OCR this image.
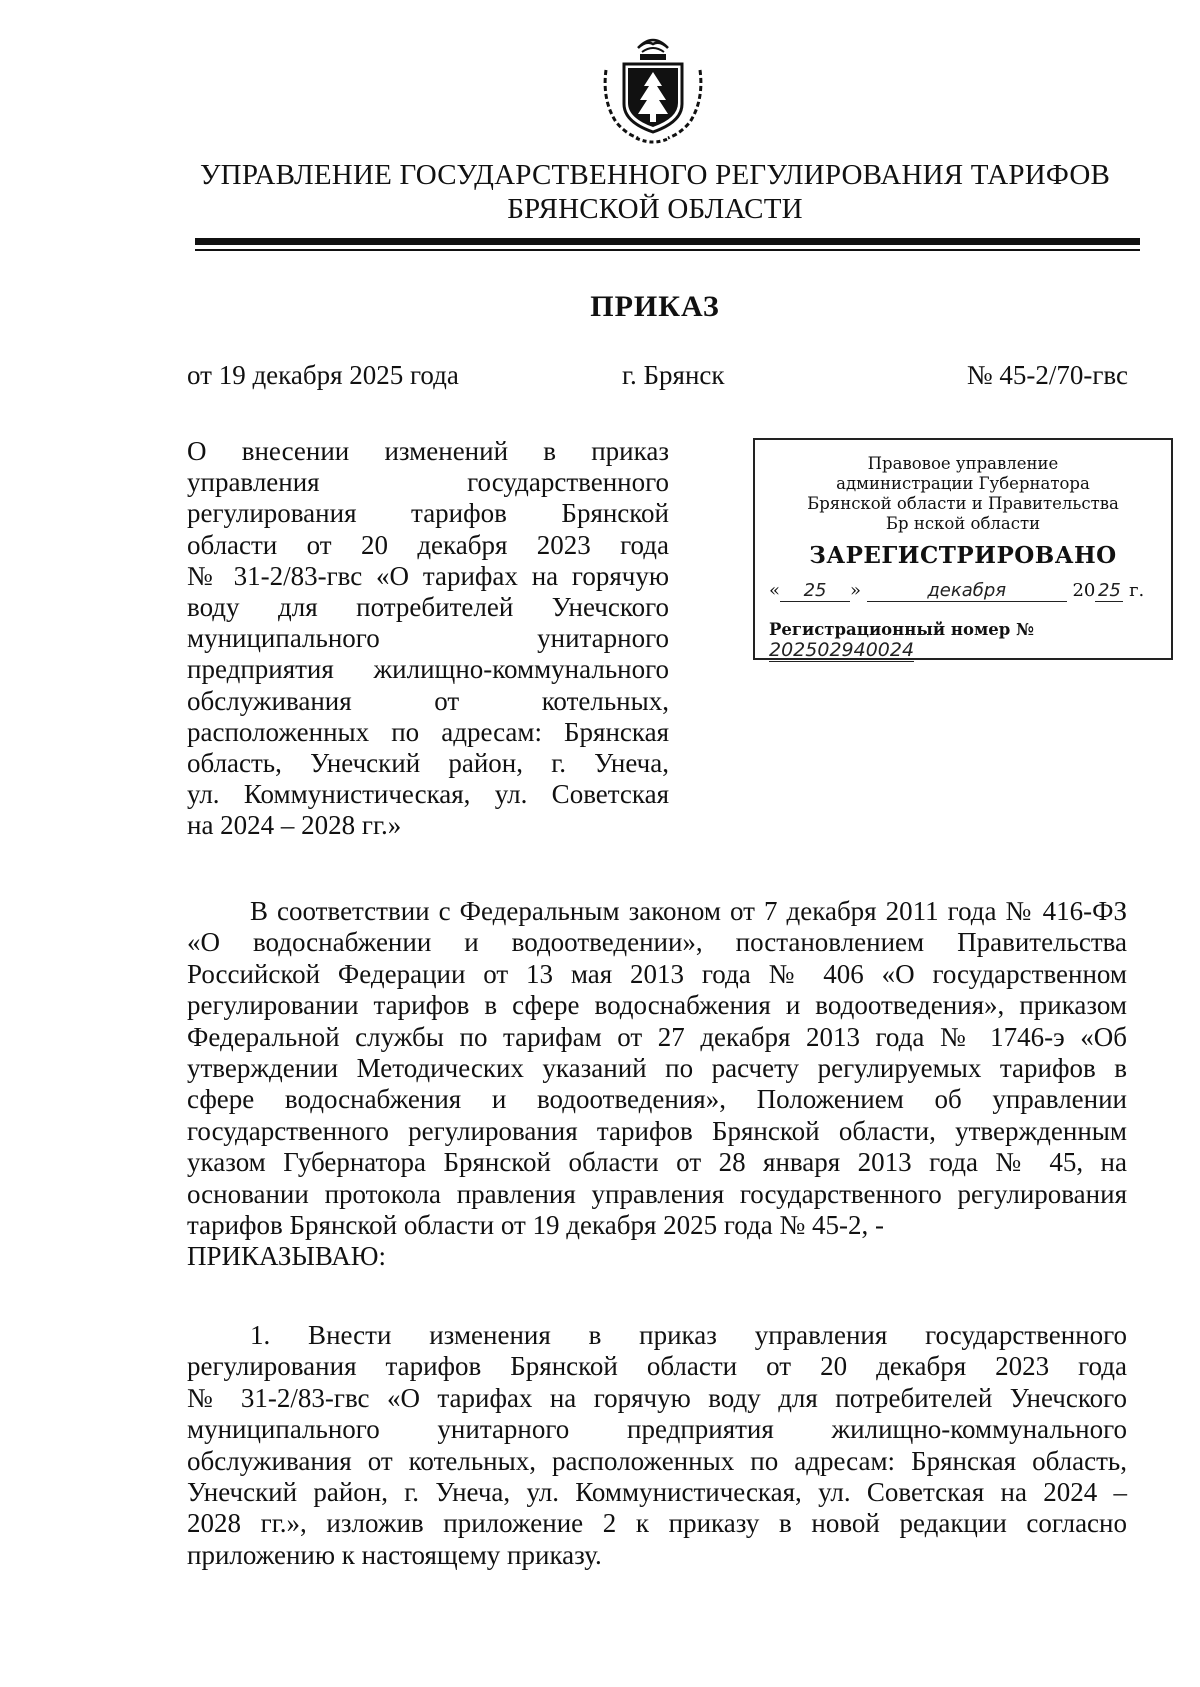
УПРАВЛЕНИЕ ГОСУДАРСТВЕННОГО РЕГУЛИРОВАНИЯ ТАРИФОВ
БРЯНСКОЙ ОБЛАСТИ
ПРИКАЗ
от 19 декабря 2025 года	г. Брянск	№ 45-2/70-гвс
О внесении изменений в приказ
управления государственного
регулирования тарифов Брянской
области от 20 декабря 2023 года
№ 31-2/83-гвс «О тарифах на горячую
воду для потребителей Унечского
муниципального унитарного
предприятия жилищно-коммунального
обслуживания от котельных,
расположенных по адресам: Брянская
область, Унечский район, г. Унеча,
ул. Коммунистическая, ул. Советская
на 2024 – 2028 гг.»
Правовое управление
администрации Губернатора
Брянской области и Правительства
Бр нской области
ЗАРЕГИСТРИРОВАНО
« 25 »	декабря	20 25 г.
Регистрационный номер № 202502940024
В соответствии с Федеральным законом от 7 декабря 2011 года № 416-ФЗ
«О водоснабжении и водоотведении», постановлением Правительства
Российской Федерации от 13 мая 2013 года № 406 «О государственном
регулировании тарифов в сфере водоснабжения и водоотведения», приказом
Федеральной службы по тарифам от 27 декабря 2013 года № 1746-э «Об
утверждении Методических указаний по расчету регулируемых тарифов в
сфере водоснабжения и водоотведения», Положением об управлении
государственного регулирования тарифов Брянской области, утвержденным
указом Губернатора Брянской области от 28 января 2013 года № 45, на
основании протокола правления управления государственного регулирования
тарифов Брянской области от 19 декабря 2025 года № 45-2, -
ПРИКАЗЫВАЮ:
1. Внести изменения в приказ управления государственного
регулирования тарифов Брянской области от 20 декабря 2023 года
№ 31-2/83-гвс «О тарифах на горячую воду для потребителей Унечского
муниципального унитарного предприятия жилищно-коммунального
обслуживания от котельных, расположенных по адресам: Брянская область,
Унечский район, г. Унеча, ул. Коммунистическая, ул. Советская на 2024 –
2028 гг.», изложив приложение 2 к приказу в новой редакции согласно
приложению к настоящему приказу.
